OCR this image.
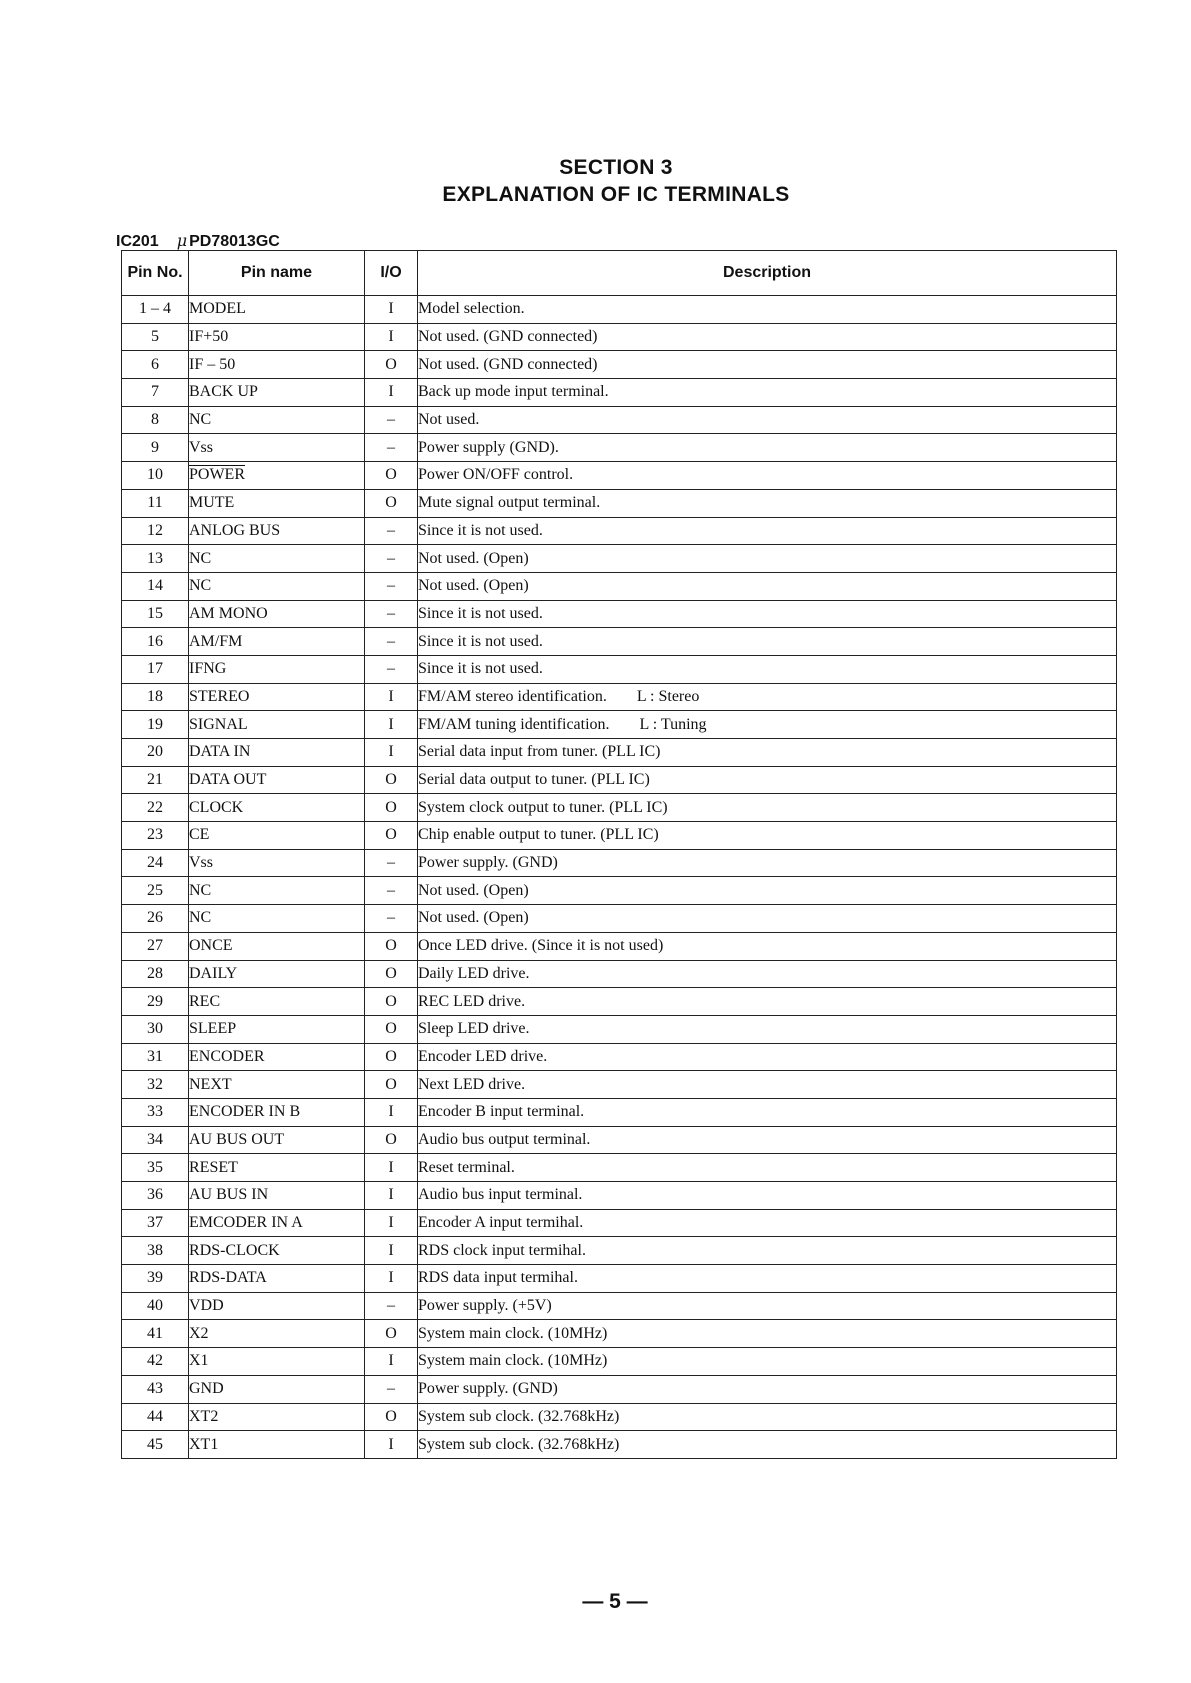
SECTION 3
EXPLANATION OF IC TERMINALS
IC201 μ PD78013GC
Pin No.	Pin name	I/O	Description
1 – 4	MODEL	I	Model selection.
5	IF+50	I	Not used. (GND connected)
6	IF – 50	O	Not used. (GND connected)
7	BACK UP	I	Back up mode input terminal.
8	NC	–	Not used.
9	Vss	–	Power supply (GND).
10	POWER	O	Power ON/OFF control.
11	MUTE	O	Mute signal output terminal.
12	ANLOG BUS	–	Since it is not used.
13	NC	–	Not used. (Open)
14	NC	–	Not used. (Open)
15	AM MONO	–	Since it is not used.
16	AM/FM	–	Since it is not used.
17	IFNG	–	Since it is not used.
18	STEREO	I	FM/AM stereo identification. L : Stereo
19	SIGNAL	I	FM/AM tuning identification. L : Tuning
20	DATA IN	I	Serial data input from tuner. (PLL IC)
21	DATA OUT	O	Serial data output to tuner. (PLL IC)
22	CLOCK	O	System clock output to tuner. (PLL IC)
23	CE	O	Chip enable output to tuner. (PLL IC)
24	Vss	–	Power supply. (GND)
25	NC	–	Not used. (Open)
26	NC	–	Not used. (Open)
27	ONCE	O	Once LED drive. (Since it is not used)
28	DAILY	O	Daily LED drive.
29	REC	O	REC LED drive.
30	SLEEP	O	Sleep LED drive.
31	ENCODER	O	Encoder LED drive.
32	NEXT	O	Next LED drive.
33	ENCODER IN B	I	Encoder B input terminal.
34	AU BUS OUT	O	Audio bus output terminal.
35	RESET	I	Reset terminal.
36	AU BUS IN	I	Audio bus input terminal.
37	EMCODER IN A	I	Encoder A input termihal.
38	RDS-CLOCK	I	RDS clock input termihal.
39	RDS-DATA	I	RDS data input termihal.
40	VDD	–	Power supply. (+5V)
41	X2	O	System main clock. (10MHz)
42	X1	I	System main clock. (10MHz)
43	GND	–	Power supply. (GND)
44	XT2	O	System sub clock. (32.768kHz)
45	XT1	I	System sub clock. (32.768kHz)
— 5 —
